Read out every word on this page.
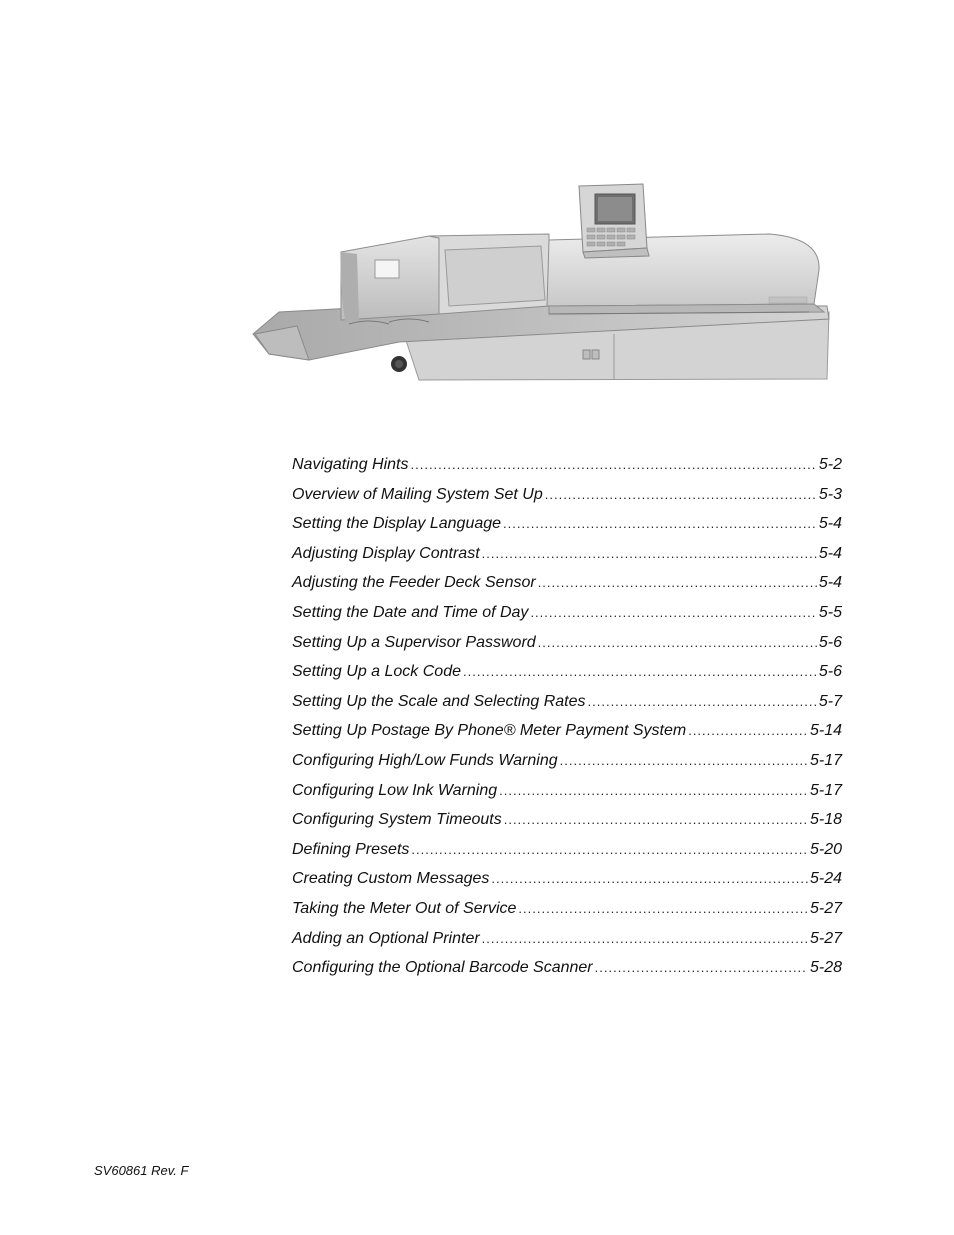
Navigating Hints .....	5-2
Overview of Mailing System Set Up .....	5-3
Setting the Display Language .....	5-4
Adjusting Display Contrast .....	5-4
Adjusting the Feeder Deck Sensor .....	5-4
Setting the Date and Time of Day .....	5-5
Setting Up a Supervisor Password .....	5-6
Setting Up a Lock Code .....	5-6
Setting Up the Scale and Selecting Rates .....	5-7
Setting Up Postage By Phone® Meter Payment System .....	5-14
Configuring High/Low Funds Warning .....	5-17
Configuring Low Ink Warning .....	5-17
Configuring System Timeouts .....	5-18
Defining Presets .....	5-20
Creating Custom Messages .....	5-24
Taking the Meter Out of Service .....	5-27
Adding an Optional Printer .....	5-27
Configuring the Optional Barcode Scanner .....	5-28
SV60861 Rev. F
